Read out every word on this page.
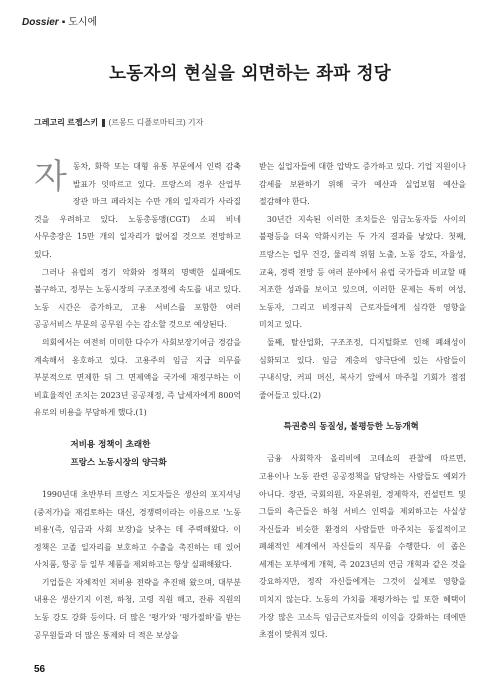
Dossier ▪ 도시에
노동자의 현실을 외면하는 좌파 정당
그레고리 르젭스키 (르몽드 디플로마티크) 기자

자동차, 화학 또는 대형 유통 부문에서 인력 감축 발표가 잇따르고 있다. 프랑스의 경우 산업부 장관 마크 페라치는 수만 개의 일자리가 사라질 것을 우려하고 있다. 노동총동맹(CGT) 소피 비네 사무총장은 15만 개의 일자리가 없어질 것으로 전망하고 있다.

그러나 유럽의 경기 악화와 정책의 명백한 실패에도 불구하고, 정부는 노동시장의 구조조정에 속도를 내고 있다. 노동 시간은 증가하고, 고용 서비스를 포함한 여러 공공서비스 부문의 공무원 수는 감소할 것으로 예상된다.

의회에서는 여전히 미미한 다수가 사회보장기여금 경감을 계속해서 옹호하고 있다. 고용주의 임금 지급 의무를 부분적으로 면제한 뒤 그 면제액을 국가에 재정구하는 이 비효율적인 조치는 2023년 공공재정, 즉 납세자에게 800억 유로의 비용을 부담하게 했다.(1)

저비용 정책이 초래한

프랑스 노동시장의 양극화

1990년대 초반부터 프랑스 지도자들은 생산의 포지셔닝(중저가)을 재검토하는 대신, 경쟁력이라는 이름으로 '노동 비용'(즉, 임금과 사회 보장)을 낮추는 데 주력해왔다. 이 정책은 고졸 일자리를 보호하고 수출을 촉진하는 데 있어 사치품, 항공 등 일부 제품을 제외하고는 항상 실패해왔다.

기업들은 자체적인 저비용 전략을 추진해 왔으며, 대부분 내용은 생산기지 이전, 하청, 고령 직원 해고, 잔류 직원의 노동 강도 강화 등이다. 더 많은 '평가'와 '평가절하'를 받는 공무원들과 더 많은 통제와 더 적은 보상을

받는 실업자들에 대한 압박도 증가하고 있다. 기업 지원이나 감세를 보완하기 위해 국가 예산과 실업보험 예산을 절감해야 한다.

30년간 지속된 이러한 조치들은 임금노동자들 사이의 불평등을 더욱 악화시키는 두 가지 결과를 낳았다. 첫째, 프랑스는 업무 건강, 물리적 위험 노출, 노동 강도, 자율성, 교육, 경력 전망 등 여러 분야에서 유럽 국가들과 비교할 때 저조한 성과를 보이고 있으며, 이러한 문제는 특히 여성, 노동자, 그리고 비정규직 근로자들에게 심각한 영향을 미치고 있다.

둘째, 탈산업화, 구조조정, 디지털화로 인해 폐쇄성이 심화되고 있다. 임금 계층의 양극단에 있는 사람들이 구내식당, 커피 머신, 복사기 앞에서 마주칠 기회가 점점 줄어들고 있다.(2)

특권층의 동질성, 불평등한 노동개혁

금융 사회학자 올리비에 고데쇼의 관찰에 따르면, 고용이나 노동 관련 공공정책을 담당하는 사람들도 예외가 아니다. 장관, 국회의원, 자문위원, 경제학자, 컨설턴트 및 그들의 측근들은 하청 서비스 인력을 제외하고는 사실상 자신들과 비슷한 환경의 사람들만 마주치는 동질적이고 폐쇄적인 세계에서 자신들의 직무를 수행한다. 이 좁은 세계는 포부에게 개혁, 즉 2023년의 연금 개혁과 같은 것을 강요하지만, 정작 자신들에게는 그것이 실제로 영향을 미치지 않는다. 노동의 가치를 재평가하는 일 또한 혜택이 가장 많은 고소득 임금근로자들의 이익을 강화하는 데에만 초점이 맞춰져 있다.

56
